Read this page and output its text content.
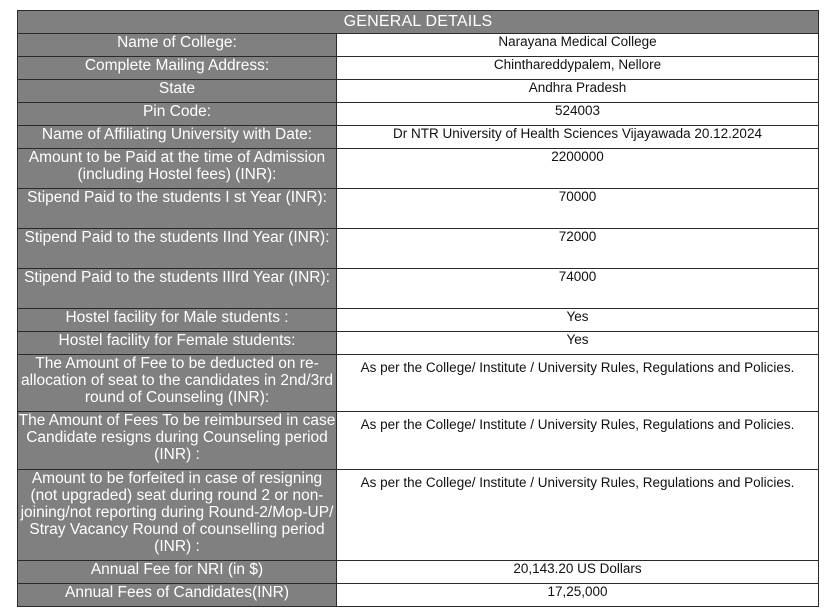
GENERAL DETAILS	
Name of College:	Narayana Medical College
Complete Mailing Address:	Chinthareddypalem, Nellore
State	Andhra Pradesh
Pin Code:	524003
Name of Affiliating University with Date:	Dr NTR University of Health Sciences Vijayawada 20.12.2024
Amount to be Paid at the time of Admission (including Hostel fees) (INR):	2200000
Stipend Paid to the students I st Year (INR):	70000
Stipend Paid to the students IInd Year (INR):	72000
Stipend Paid to the students IIIrd Year (INR):	74000
Hostel facility for Male students :	Yes
Hostel facility for Female students:	Yes
The Amount of Fee to be deducted on re-allocation of seat to the candidates in 2nd/3rd round of Counseling (INR):	As per the College/ Institute / University Rules, Regulations and Policies.
The Amount of Fees To be reimbursed in case Candidate resigns during Counseling period (INR) :	As per the College/ Institute / University Rules, Regulations and Policies.
Amount to be forfeited in case of resigning (not upgraded) seat during round 2 or non-joining/not reporting during Round-2/Mop-UP/ Stray Vacancy Round of counselling period (INR) :	As per the College/ Institute / University Rules, Regulations and Policies.
Annual Fee for NRI (in $)	20,143.20 US Dollars
Annual Fees of Candidates(INR)	17,25,000
